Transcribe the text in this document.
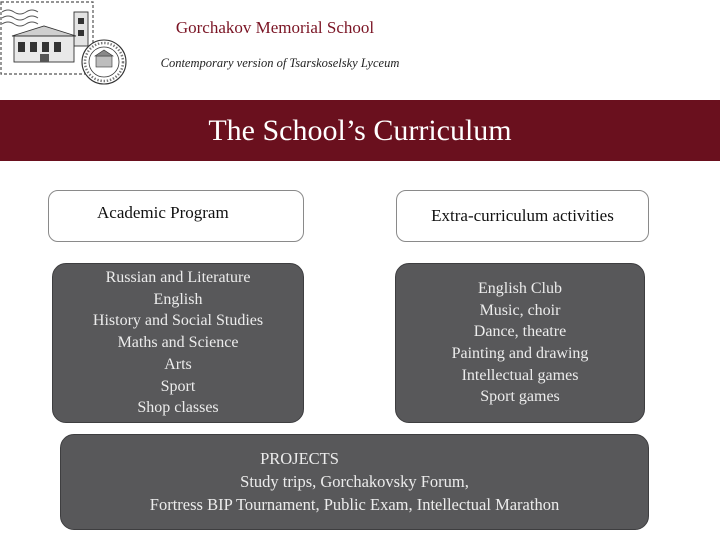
Gorchakov Memorial School
Contemporary version of Tsarskoselsky Lyceum
The School’s Curriculum
Academic Program	Extra-curriculum activities
Russian and Literature
English
History and Social Studies
Maths and Science
Arts
Sport
Shop classes
English Club
Music, choir
Dance, theatre
Painting and drawing
Intellectual games
Sport games
PROJECTS
Study trips, Gorchakovsky Forum,
Fortress BIP Tournament, Public Exam, Intellectual Marathon
